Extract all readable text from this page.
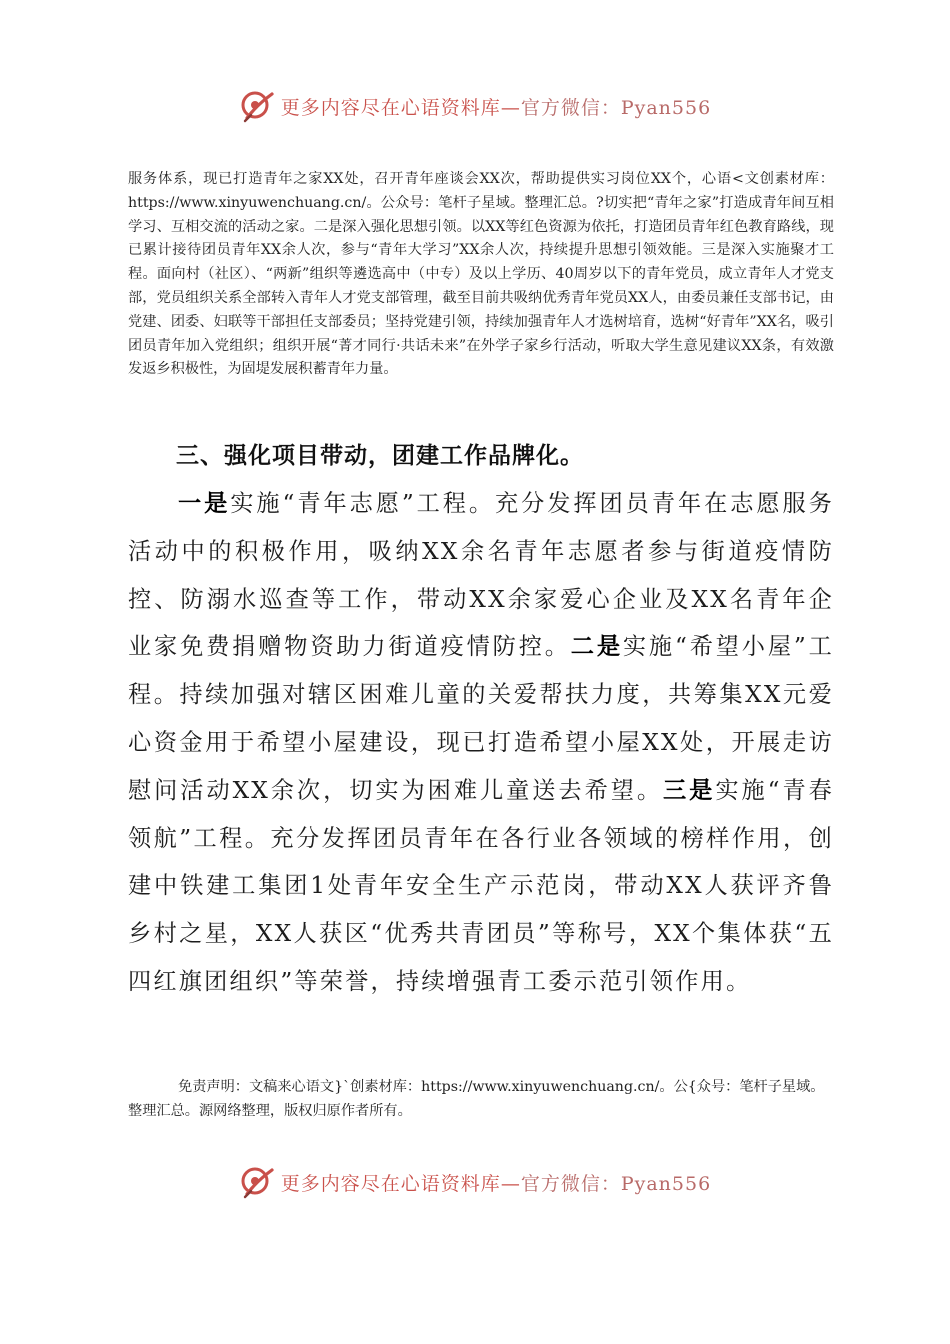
更多内容尽在心语资料库—官方微信：Pyan556
服务体系，现已打造青年之家XX处，召开青年座谈会XX次，帮助提供实习岗位XX个，心语<文创素材库：https://www.xinyuwenchuang.cn/。公众号：笔杆子星域。整理汇总。?切实把“青年之家”打造成青年间互相学习、互相交流的活动之家。二是深入强化思想引领。以XX等红色资源为依托，打造团员青年红色教育路线，现已累计接待团员青年XX余人次，参与“青年大学习”XX余人次，持续提升思想引领效能。三是深入实施聚才工程。面向村（社区）、“两新”组织等遴选高中（中专）及以上学历、40周岁以下的青年党员，成立青年人才党支部，党员组织关系全部转入青年人才党支部管理，截至目前共吸纳优秀青年党员XX人，由委员兼任支部书记，由党建、团委、妇联等干部担任支部委员；坚持党建引领，持续加强青年人才选树培育，选树“好青年”XX名，吸引团员青年加入党组织；组织开展“菁才同行·共话未来”在外学子家乡行活动，听取大学生意见建议XX条，有效激发返乡积极性，为固堤发展积蓄青年力量。
三、强化项目带动，团建工作品牌化。
一是实施“青年志愿”工程。充分发挥团员青年在志愿服务活动中的积极作用，吸纳XX余名青年志愿者参与街道疫情防控、防溺水巡查等工作，带动XX余家爱心企业及XX名青年企业家免费捐赠物资助力街道疫情防控。二是实施“希望小屋”工程。持续加强对辖区困难儿童的关爱帮扶力度，共筹集XX元爱心资金用于希望小屋建设，现已打造希望小屋XX处，开展走访慰问活动XX余次，切实为困难儿童送去希望。三是实施“青春领航”工程。充分发挥团员青年在各行业各领域的榜样作用，创建中铁建工集团1处青年安全生产示范岗，带动XX人获评齐鲁乡村之星，XX人获区“优秀共青团员”等称号，XX个集体获“五四红旗团组织”等荣誉，持续增强青工委示范引领作用。
免责声明：文稿来心语文}`创素材库：https://www.xinyuwenchuang.cn/。公{众号：笔杆子星域。整理汇总。源网络整理，版权归原作者所有。
更多内容尽在心语资料库—官方微信：Pyan556
